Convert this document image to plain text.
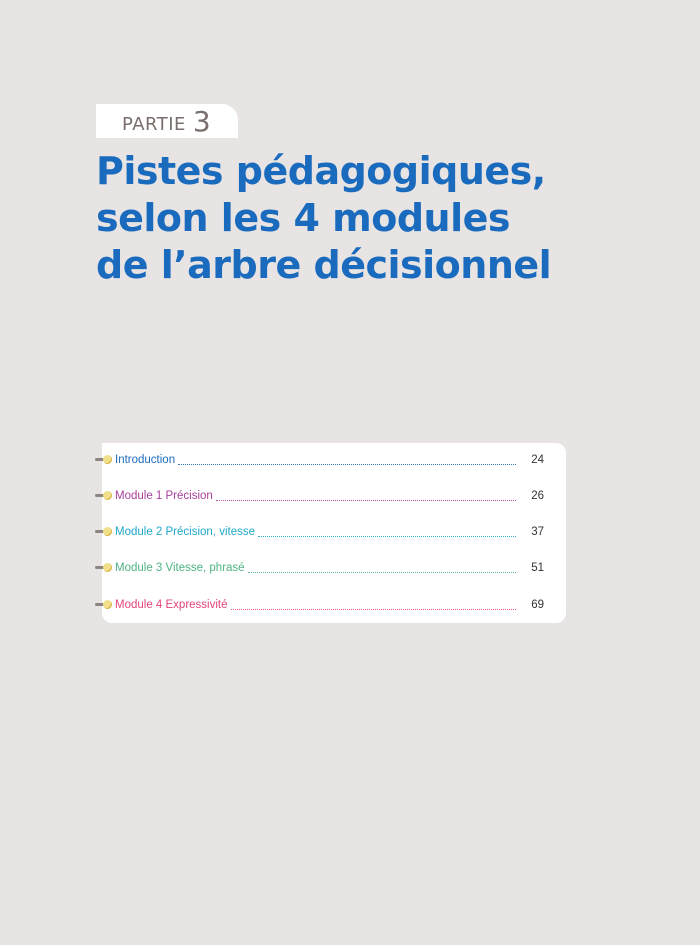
PARTIE 3
Pistes pédagogiques,
selon les 4 modules
de l’arbre décisionnel
Introduction	24
Module 1 Précision	26
Module 2 Précision, vitesse	37
Module 3 Vitesse, phrasé	51
Module 4 Expressivité	69
